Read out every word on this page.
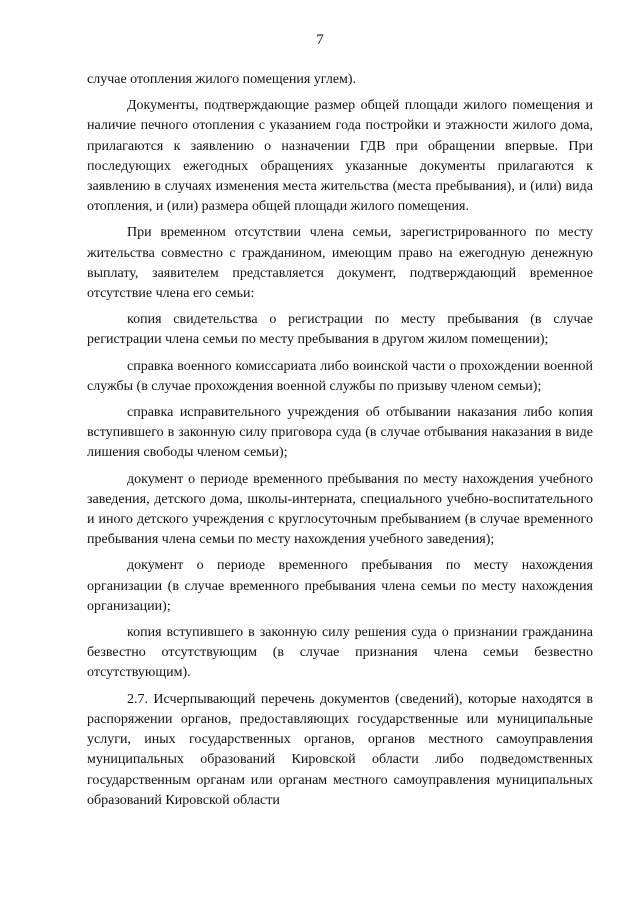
7

случае отопления жилого помещения углем).

Документы, подтверждающие размер общей площади жилого помещения и наличие печного отопления с указанием года постройки и этажности жилого дома, прилагаются к заявлению о назначении ГДВ при обращении впервые. При последующих ежегодных обращениях указанные документы прилагаются к заявлению в случаях изменения места жительства (места пребывания), и (или) вида отопления, и (или) размера общей площади жилого помещения.

При временном отсутствии члена семьи, зарегистрированного по месту жительства совместно с гражданином, имеющим право на ежегодную денежную выплату, заявителем представляется документ, подтверждающий временное отсутствие члена его семьи:

копия свидетельства о регистрации по месту пребывания (в случае регистрации члена семьи по месту пребывания в другом жилом помещении);

справка военного комиссариата либо воинской части о прохождении военной службы (в случае прохождения военной службы по призыву членом семьи);

справка исправительного учреждения об отбывании наказания либо копия вступившего в законную силу приговора суда (в случае отбывания наказания в виде лишения свободы членом семьи);

документ о периоде временного пребывания по месту нахождения учебного заведения, детского дома, школы-интерната, специального учебно-воспитательного и иного детского учреждения с круглосуточным пребыванием (в случае временного пребывания члена семьи по месту нахождения учебного заведения);

документ о периоде временного пребывания по месту нахождения организации (в случае временного пребывания члена семьи по месту нахождения организации);

копия вступившего в законную силу решения суда о признании гражданина безвестно отсутствующим (в случае признания члена семьи безвестно отсутствующим).

2.7. Исчерпывающий перечень документов (сведений), которые находятся в распоряжении органов, предоставляющих государственные или муниципальные услуги, иных государственных органов, органов местного самоуправления муниципальных образований Кировской области либо подведомственных государственным органам или органам местного самоуправления муниципальных образований Кировской области
